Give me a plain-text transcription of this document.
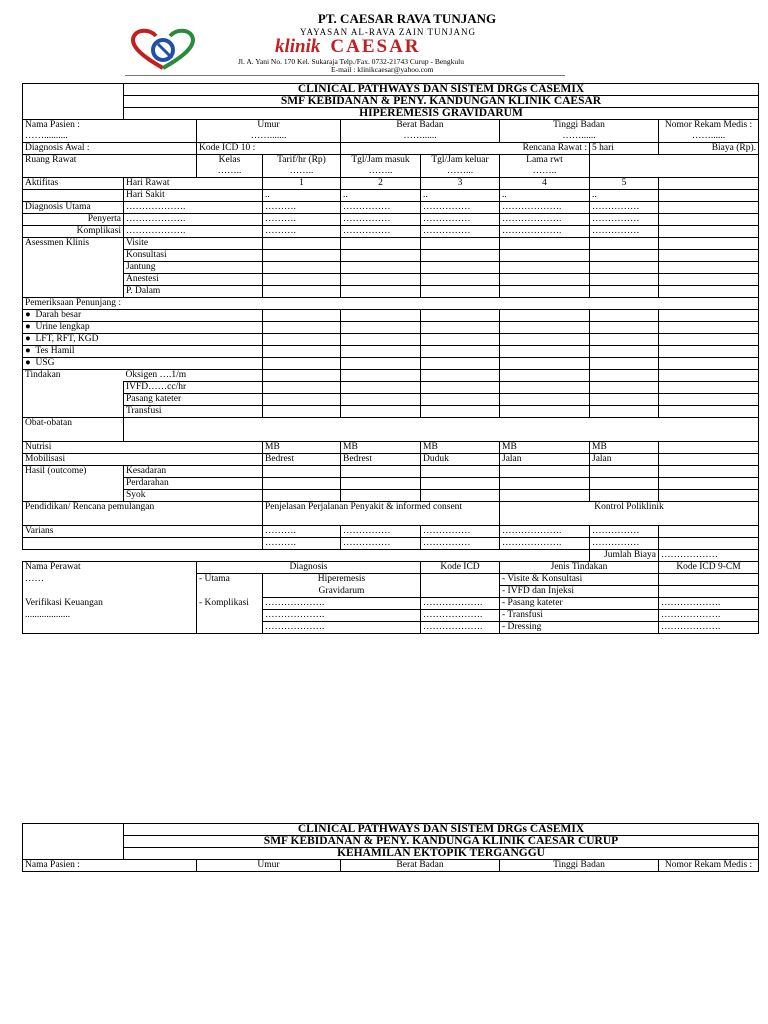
PT. CAESAR RAVA TUNJANG
YAYASAN AL-RAVA ZAIN TUNJANG
klinik CAESAR
Jl. A. Yani No. 170 Kel. Sukaraja Telp./Fax. 0732-21743 Curup - Bengkulu
E-mail : klinikcaesar@yahoo.com
	CLINICAL PATHWAYS DAN SISTEM DRGs CASEMIX							
	SMF KEBIDANAN & PENY. KANDUNGAN KLINIK CAESAR							
	HIPEREMESIS GRAVIDARUM							
Nama Pasien :		Umur		Berat Badan		Tinggi Badan		Nomor Rekam Medis :
……..........		…….......		……......		……......		……......
Diagnosis Awal :		Kode ICD 10 :		Rencana Rawat :			5 hari	Biaya (Rp).
Ruang Rawat		Kelas	Tarif/hr (Rp)	Tgl/Jam masuk	Tgl/Jam keluar	Lama rwt		
		……..	……..	……..	……...	……..		
Aktifitas	Hari Rawat		1	2	3	4	5	
	Hari Sakit		..	..	..	..	..	
Diagnosis Utama	……………….		……….	……………	……………	……………….	……………	
Penyerta	……………….		……….	……………	……………	……………….	……………	
Komplikasi	……………….		……….	……………	……………	……………….	……………	
Asessmen Klinis	Visite							
	Konsultasi							
	Jantung							
	Anestesi							
	P. Dalam							
Pemeriksaan Penunjang :								
●  Darah besar								
●  Urine lengkap								
●  LFT, RFT, KGD								
●  Tes Hamil								
●  USG								
Tindakan	Oksigen ….1/m							
	IVFD……cc/hr							
	Pasang kateter							
	Transfusi							
Obat-obatan								
Nutrisi			MB	MB	MB	MB	MB	
Mobilisasi			Bedrest	Bedrest	Duduk	Jalan	Jalan	
Hasil (outcome)	Kesadaran							
	Perdarahan							
	Syok							
Pendidikan/ Rencana pemulangan			Penjelasan Perjalanan Penyakit & informed consent			Kontrol Poliklinik		
Varians			……….	……………	……………	……………….	……………	
			……….	……………	……………	……………….	……………	
							Jumlah Biaya	………………
Nama Perawat		Diagnosis			Kode ICD	Jenis Tindakan		Kode ICD 9-CM
……		- Utama	Hiperemesis			- Visite & Konsultasi		
			Gravidarum			- IVFD dan Injeksi		
Verifikasi Keuangan		- Komplikasi	……………….		……………….	- Pasang kateter		……………….
...................			……………….		……………….	- Transfusi		……………….
			……………….		……………….	- Dressing		……………….
	CLINICAL PATHWAYS DAN SISTEM DRGs CASEMIX				
	SMF KEBIDANAN & PENY. KANDUNGA KLINIK CAESAR CURUP				
	KEHAMILAN EKTOPIK TERGANGGU				
Nama Pasien :		Umur	Berat Badan	Tinggi Badan	Nomor Rekam Medis :
